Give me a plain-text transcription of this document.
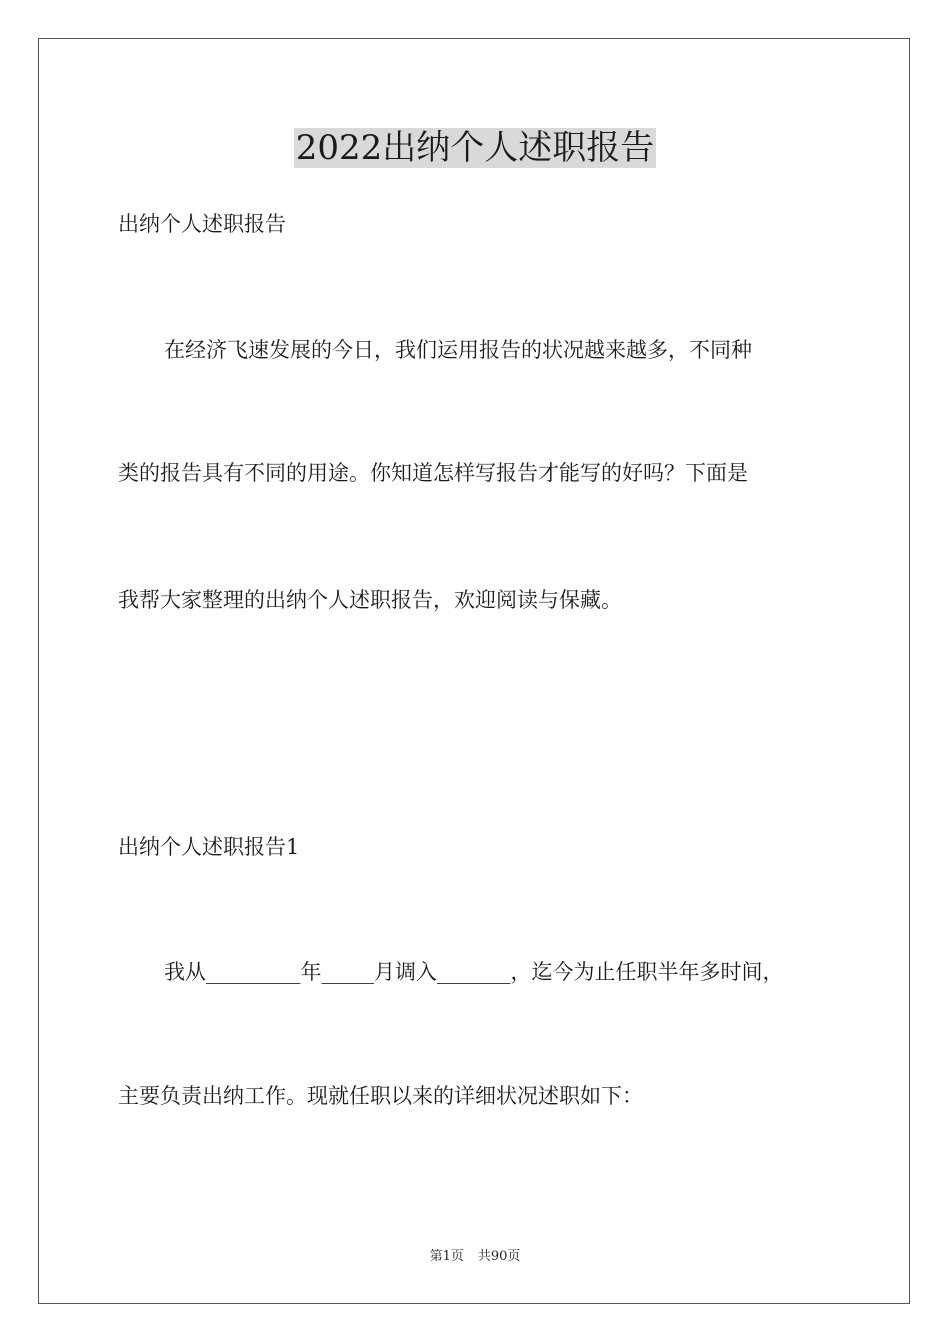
2022出纳个人述职报告
出纳个人述职报告
在经济飞速发展的今日，我们运用报告的状况越来越多，不同种
类的报告具有不同的用途。你知道怎样写报告才能写的好吗？下面是
我帮大家整理的出纳个人述职报告，欢迎阅读与保藏。
出纳个人述职报告1
我从_________年_____月调入_______，迄今为止任职半年多时间，
主要负责出纳工作。现就任职以来的详细状况述职如下：
第1页 共90页
